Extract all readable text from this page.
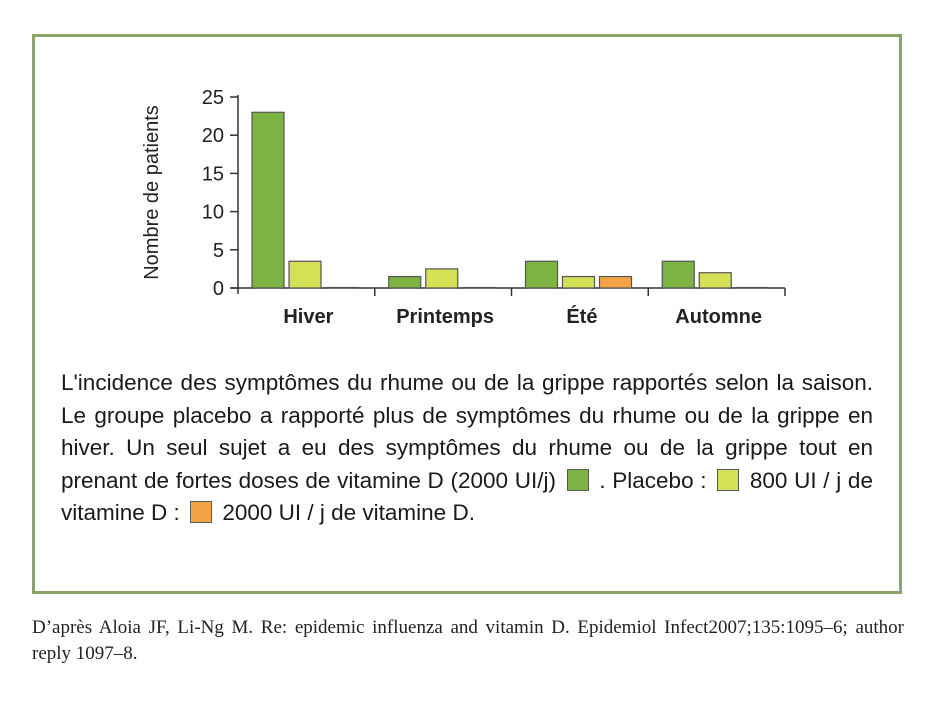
0
5
10
15
20
25
Nombre de patients
Hiver	Printemps	Été	Automne
L'incidence des symptômes du rhume ou de la grippe rapportés selon la saison. Le groupe placebo a rapporté plus de symptômes du rhume ou de la grippe en hiver. Un seul sujet a eu des symptômes du rhume ou de la grippe tout en prenant de fortes doses de vitamine D (2000 UI/j) . Placebo : 800 UI / j de vitamine D : 2000 UI / j de vitamine D.
D’après Aloia JF, Li-Ng M. Re: epidemic influenza and vitamin D. Epidemiol Infect2007;135:1095–6; author reply 1097–8.
